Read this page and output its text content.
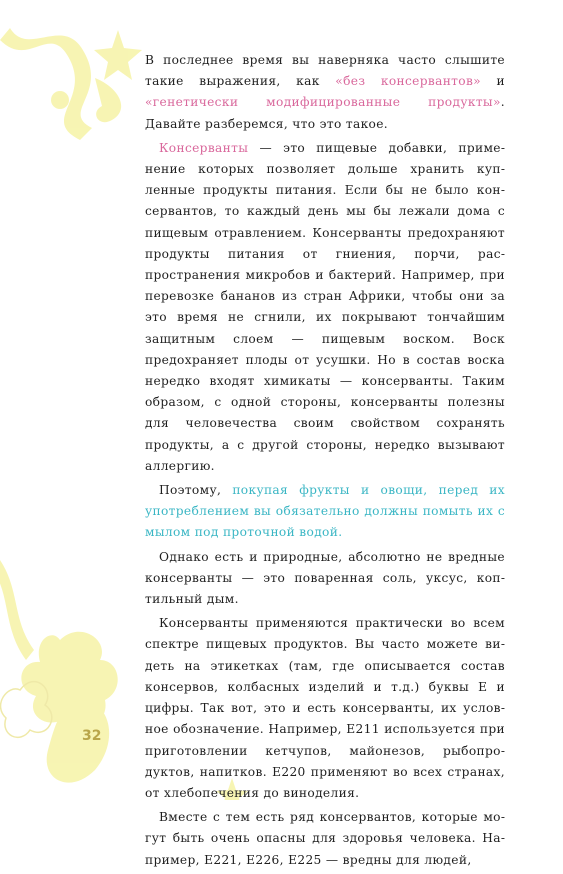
В последнее время вы наверняка часто слышите такие выражения, как «без консервантов» и «генетически модифицированные продукты». Давайте разберемся, что это такое.

Консерванты — это пищевые добавки, применение которых позволяет дольше хранить купленные продукты питания. Если бы не было консервантов, то каждый день мы бы лежали дома с пищевым отравлением. Консерванты предохраняют продукты питания от гниения, порчи, распространения микробов и бактерий. Например, при перевозке бананов из стран Африки, чтобы они за это время не сгнили, их покрывают тончайшим защитным слоем — пищевым воском. Воск предохраняет плоды от усушки. Но в состав воска нередко входят химикаты — консерванты. Таким образом, с одной стороны, консерванты полезны для человечества своим свойством сохранять продукты, а с другой стороны, нередко вызывают аллергию.

Поэтому, покупая фрукты и овощи, перед их употреблением вы обязательно должны помыть их с мылом под проточной водой.

Однако есть и природные, абсолютно не вредные консерванты — это поваренная соль, уксус, коптильный дым.

Консерванты применяются практически во всем спектре пищевых продуктов. Вы часто можете видеть на этикетках (там, где описывается состав консервов, колбасных изделий и т.д.) буквы Е и цифры. Так вот, это и есть консерванты, их условное обозначение. Например, Е211 используется при приготовлении кетчупов, майонезов, рыбопродуктов, напитков. Е220 применяют во всех странах, от хлебопечения до виноделия.

Вместе с тем есть ряд консервантов, которые могут быть очень опасны для здоровья человека. Например, Е221, Е226, Е225 — вредны для людей,

32
